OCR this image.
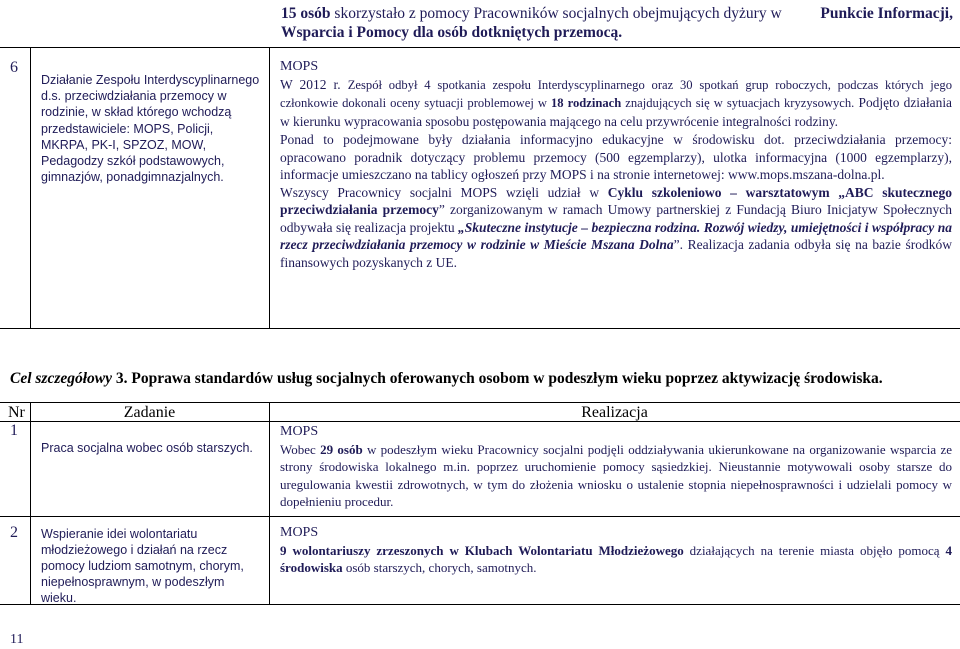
15 osób skorzystało z pomocy Pracowników socjalnych obejmujących dyżury w	Punkcie Informacji,
Wsparcia i Pomocy dla osób dotkniętych przemocą.
6
Działanie Zespołu Interdyscyplinarnego d.s. przeciwdziałania przemocy w rodzinie, w skład którego wchodzą przedstawiciele: MOPS, Policji, MKRPA, PK-I, SPZOZ, MOW, Pedagodzy szkół podstawowych, gimnazjów, ponadgimnazjalnych.

MOPS

W 2012 r. Zespół odbył 4 spotkania zespołu Interdyscyplinarnego oraz 30 spotkań grup roboczych, podczas których jego członkowie dokonali oceny sytuacji problemowej w 18 rodzinach znajdujących się w sytuacjach kryzysowych. Podjęto działania w kierunku wypracowania sposobu postępowania mającego na celu przywrócenie integralności rodziny.

Ponad to podejmowane były działania informacyjno edukacyjne w środowisku dot. przeciwdziałania przemocy: opracowano poradnik dotyczący problemu przemocy (500 egzemplarzy), ulotka informacyjna (1000 egzemplarzy), informacje umieszczano na tablicy ogłoszeń przy MOPS i na stronie internetowej: www.mops.mszana-dolna.pl.

Wszyscy Pracownicy socjalni MOPS wzięli udział w Cyklu szkoleniowo – warsztatowym „ABC skutecznego przeciwdziałania przemocy” zorganizowanym w ramach Umowy partnerskiej z Fundacją Biuro Inicjatyw Społecznych odbywała się realizacja projektu „Skuteczne instytucje – bezpieczna rodzina. Rozwój wiedzy, umiejętności i współpracy na rzecz przeciwdziałania przemocy w rodzinie w Mieście Mszana Dolna”. Realizacja zadania odbyła się na bazie środków finansowych pozyskanych z UE.

Cel szczegółowy 3. Poprawa standardów usług socjalnych oferowanych osobom w podeszłym wieku poprzez aktywizację środowiska.
Nr	Zadanie	Realizacja
1
Praca socjalna wobec osób starszych.

MOPS

Wobec 29 osób w podeszłym wieku Pracownicy socjalni podjęli oddziaływania ukierunkowane na organizowanie wsparcia ze strony środowiska lokalnego m.in. poprzez uruchomienie pomocy sąsiedzkiej. Nieustannie motywowali osoby starsze do uregulowania kwestii zdrowotnych, w tym do złożenia wniosku o ustalenie stopnia niepełnosprawności i udzielali pomocy w dopełnieniu procedur.

2 Wspieranie idei wolontariatu młodzieżowego i działań na rzecz pomocy ludziom samotnym, chorym, niepełnosprawnym, w podeszłym wieku.

MOPS

9 wolontariuszy zrzeszonych w Klubach Wolontariatu Młodzieżowego działających na terenie miasta objęło pomocą 4 środowiska osób starszych, chorych, samotnych.

11
